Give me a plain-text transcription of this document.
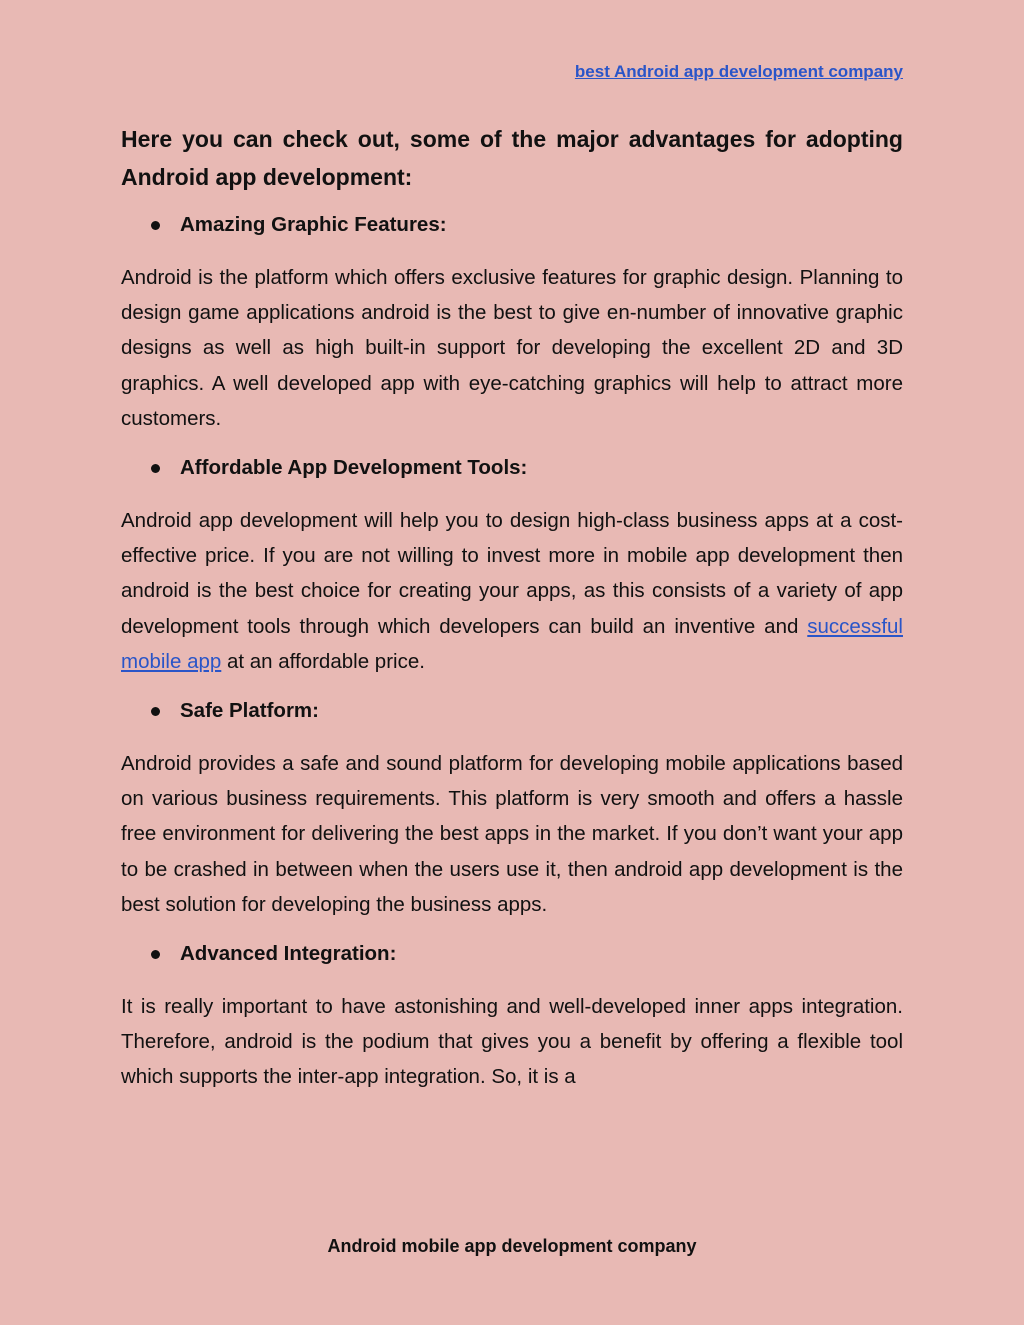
best Android app development company
Here you can check out, some of the major advantages for adopting Android app development:
Amazing Graphic Features:

Android is the platform which offers exclusive features for graphic design. Planning to design game applications android is the best to give en-number of innovative graphic designs as well as high built-in support for developing the excellent 2D and 3D graphics. A well developed app with eye-catching graphics will help to attract more customers.

Affordable App Development Tools:

Android app development will help you to design high-class business apps at a cost-effective price. If you are not willing to invest more in mobile app development then android is the best choice for creating your apps, as this consists of a variety of app development tools through which developers can build an inventive and successful mobile app at an affordable price.

Safe Platform:

Android provides a safe and sound platform for developing mobile applications based on various business requirements. This platform is very smooth and offers a hassle free environment for delivering the best apps in the market. If you don’t want your app to be crashed in between when the users use it, then android app development is the best solution for developing the business apps.

Advanced Integration:

It is really important to have astonishing and well-developed inner apps integration. Therefore, android is the podium that gives you a benefit by offering a flexible tool which supports the inter-app integration. So, it is a

Android mobile app development company
